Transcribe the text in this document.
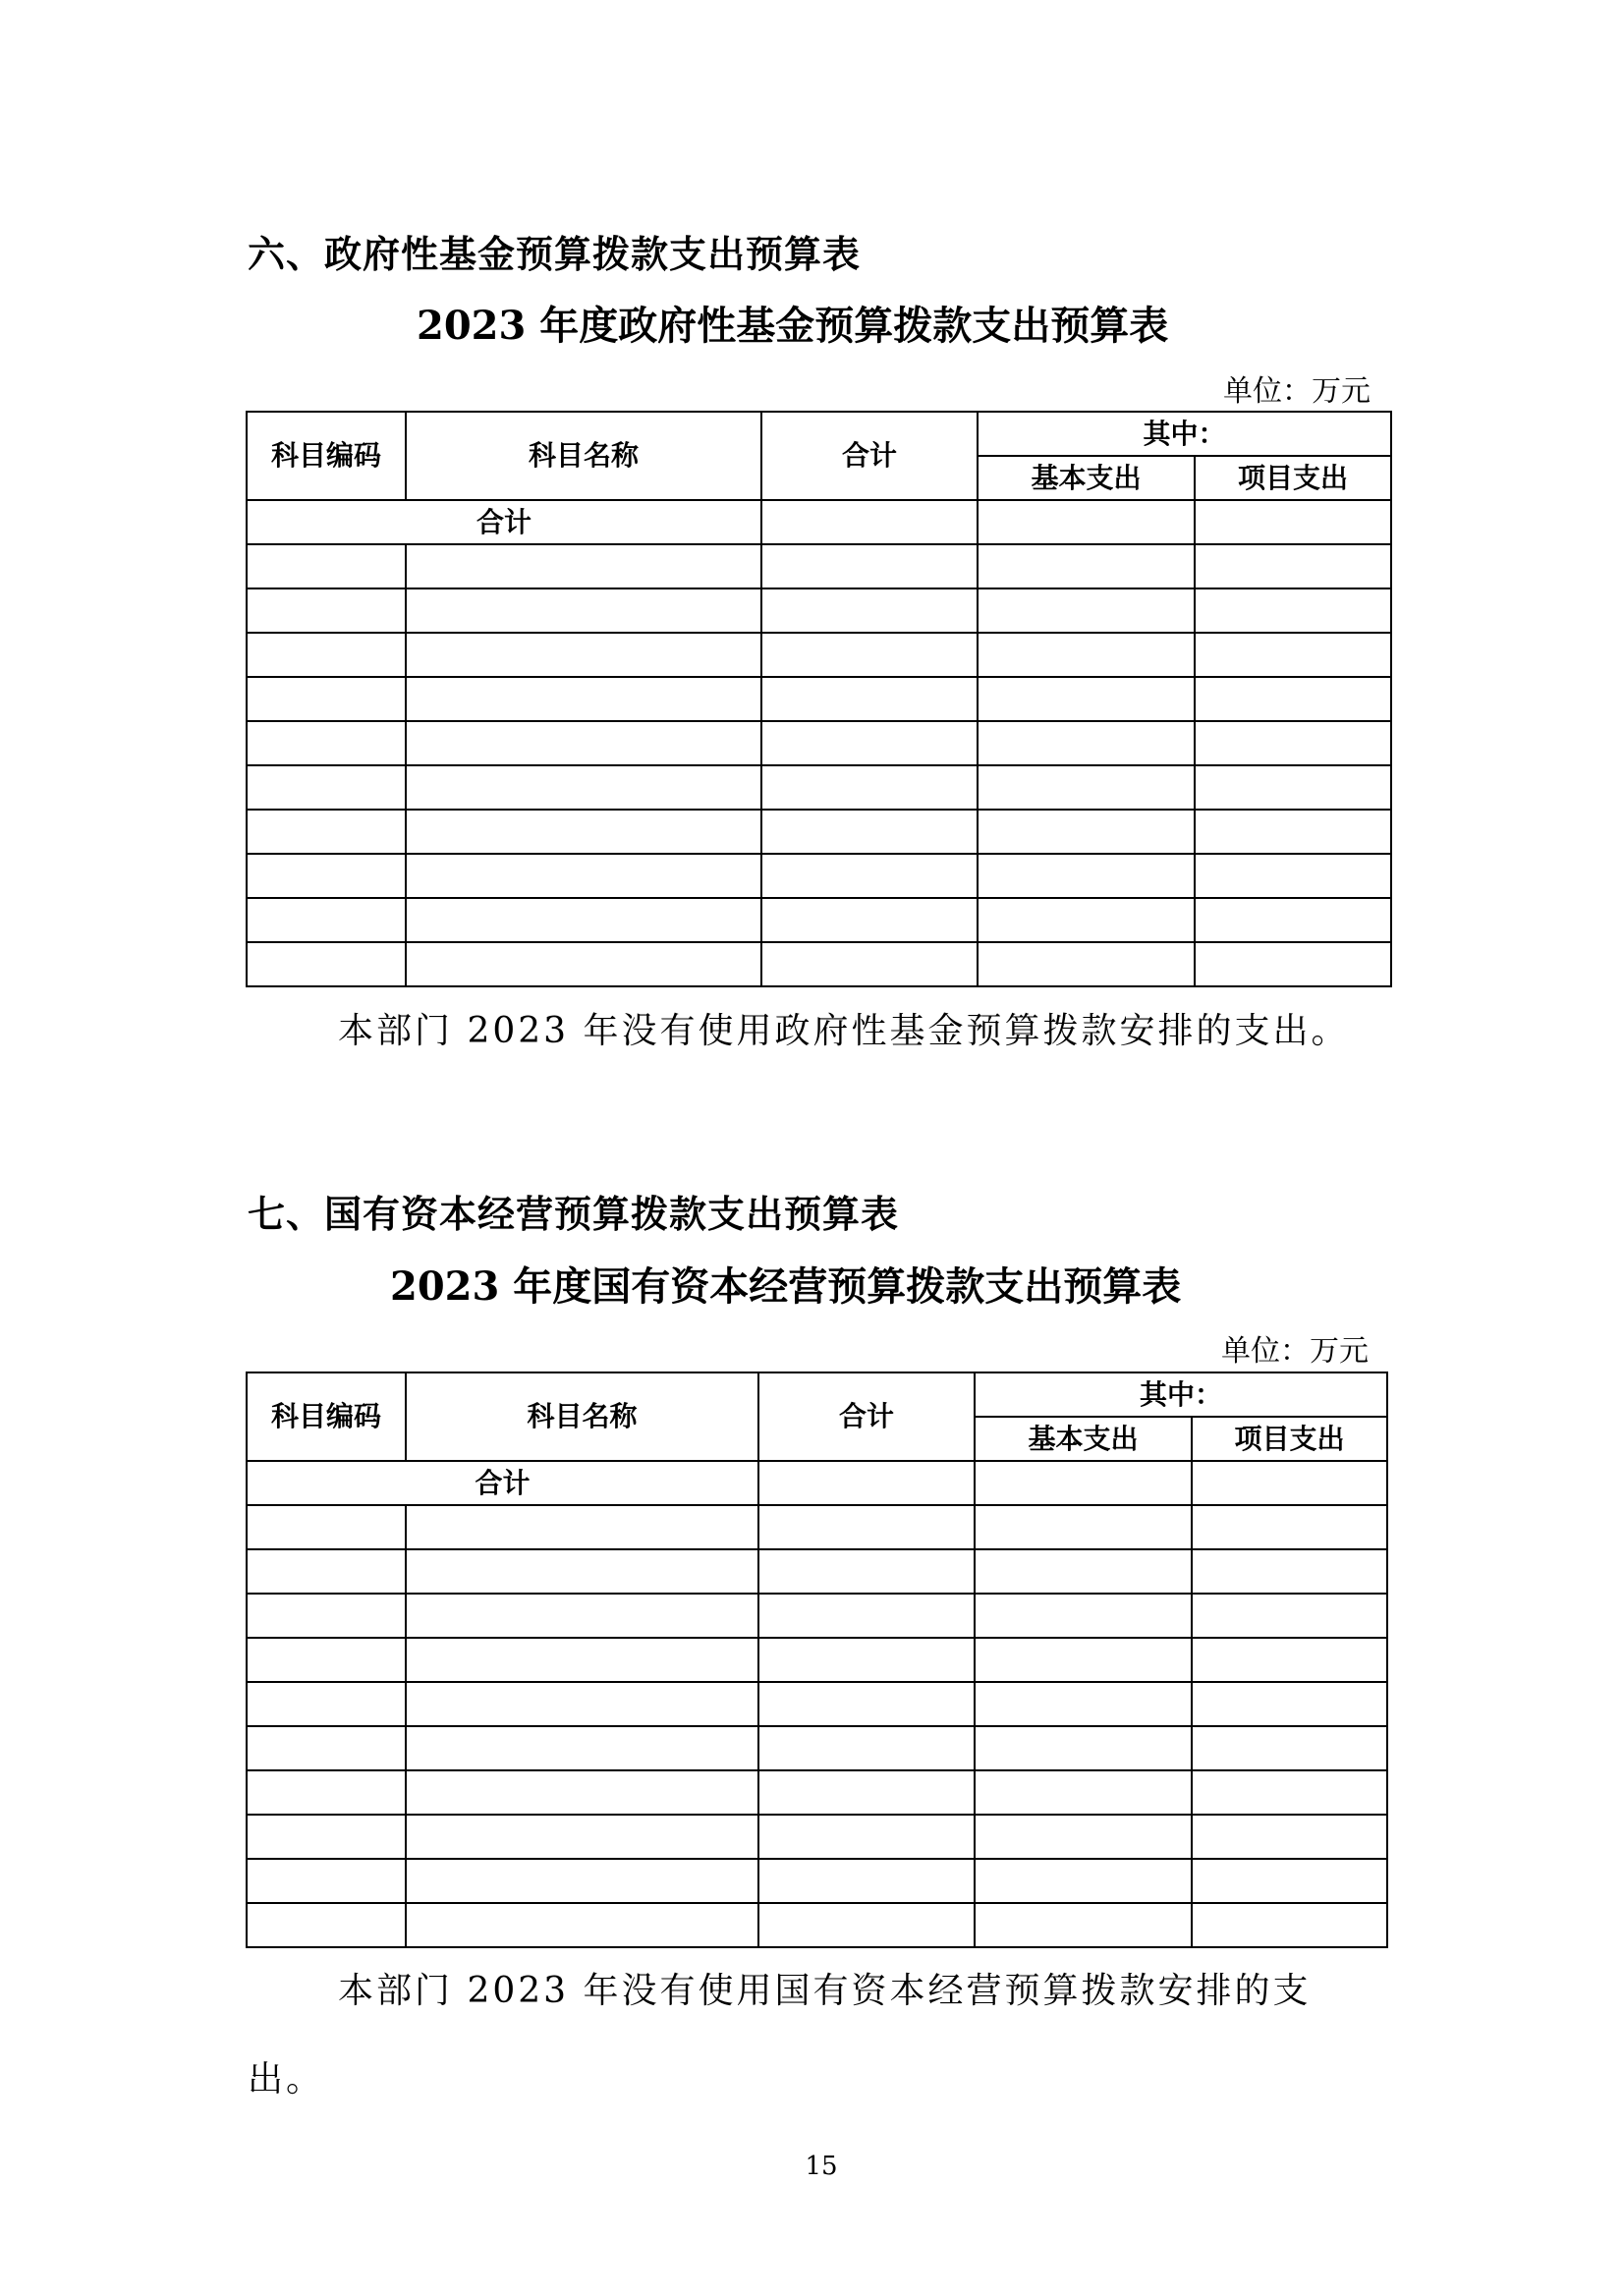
六、政府性基金预算拨款支出预算表
2023 年度政府性基金预算拨款支出预算表
单位：万元
科目编码	科目名称	合计	其中：	
			基本支出	项目支出
合计				

本部门 2023 年没有使用政府性基金预算拨款安排的支出。
七、国有资本经营预算拨款支出预算表
2023 年度国有资本经营预算拨款支出预算表
单位：万元
科目编码	科目名称	合计	其中：	
			基本支出	项目支出
合计				

本部门 2023 年没有使用国有资本经营预算拨款安排的支出。
15
